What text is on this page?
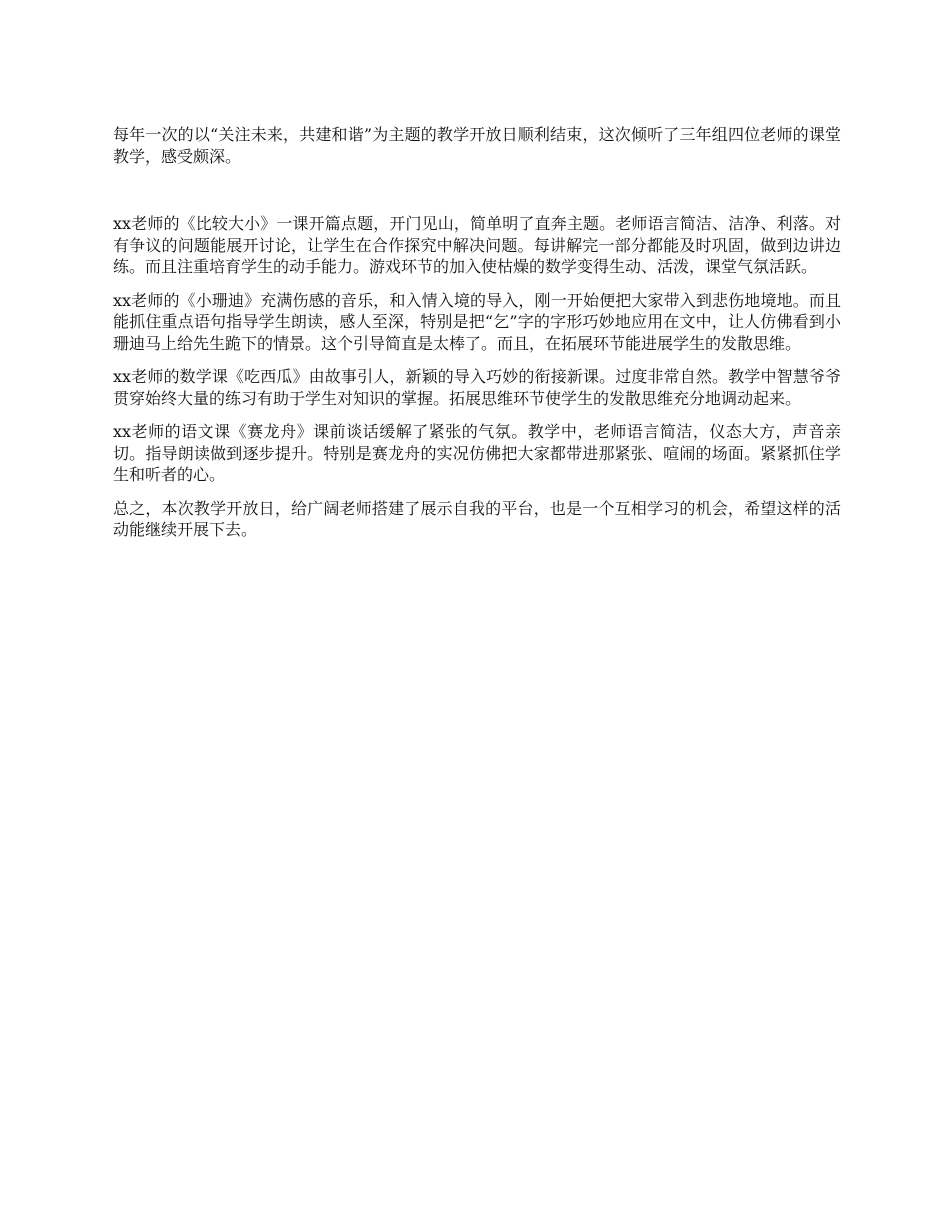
每年一次的以“关注未来，共建和谐”为主题的教学开放日顺利结束，这次倾听了三年组四位老师的课堂教学，感受颇深。

xx老师的《比较大小》一课开篇点题，开门见山，简单明了直奔主题。老师语言简洁、洁净、利落。对有争议的问题能展开讨论，让学生在合作探究中解决问题。每讲解完一部分都能及时巩固，做到边讲边练。而且注重培育学生的动手能力。游戏环节的加入使枯燥的数学变得生动、活泼，课堂气氛活跃。

xx老师的《小珊迪》充满伤感的音乐，和入情入境的导入，刚一开始便把大家带入到悲伤地境地。而且能抓住重点语句指导学生朗读，感人至深，特别是把“乞”字的字形巧妙地应用在文中，让人仿佛看到小珊迪马上给先生跪下的情景。这个引导简直是太棒了。而且，在拓展环节能进展学生的发散思维。

xx老师的数学课《吃西瓜》由故事引人，新颖的导入巧妙的衔接新课。过度非常自然。教学中智慧爷爷贯穿始终大量的练习有助于学生对知识的掌握。拓展思维环节使学生的发散思维充分地调动起来。

xx老师的语文课《赛龙舟》课前谈话缓解了紧张的气氛。教学中，老师语言简洁，仪态大方，声音亲切。指导朗读做到逐步提升。特别是赛龙舟的实况仿佛把大家都带进那紧张、喧闹的场面。紧紧抓住学生和听者的心。

总之，本次教学开放日，给广阔老师搭建了展示自我的平台，也是一个互相学习的机会，希望这样的活动能继续开展下去。
